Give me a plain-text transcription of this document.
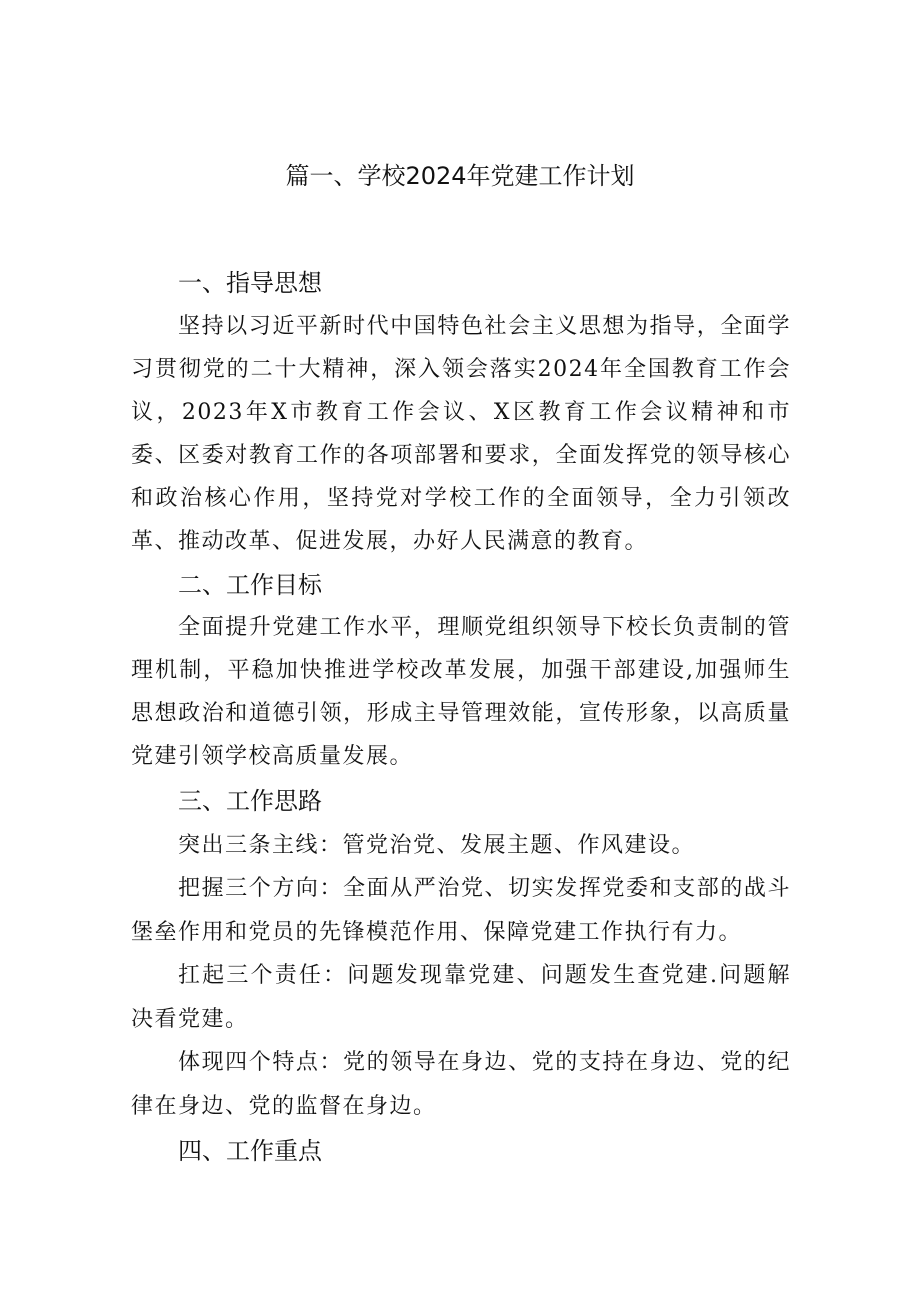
篇一、学校2024年党建工作计划
一、指导思想
坚持以习近平新时代中国特色社会主义思想为指导，全面学习贯彻党的二十大精神，深入领会落实2024年全国教育工作会议，2023年X市教育工作会议、X区教育工作会议精神和市委、区委对教育工作的各项部署和要求，全面发挥党的领导核心和政治核心作用，坚持党对学校工作的全面领导，全力引领改革、推动改革、促进发展，办好人民满意的教育。
二、工作目标
全面提升党建工作水平，理顺党组织领导下校长负责制的管理机制，平稳加快推进学校改革发展，加强干部建设,加强师生思想政治和道德引领，形成主导管理效能，宣传形象，以高质量党建引领学校高质量发展。
三、工作思路
突出三条主线：管党治党、发展主题、作风建设。
把握三个方向：全面从严治党、切实发挥党委和支部的战斗堡垒作用和党员的先锋模范作用、保障党建工作执行有力。
扛起三个责任：问题发现靠党建、问题发生查党建.问题解决看党建。
体现四个特点：党的领导在身边、党的支持在身边、党的纪律在身边、党的监督在身边。
四、工作重点
